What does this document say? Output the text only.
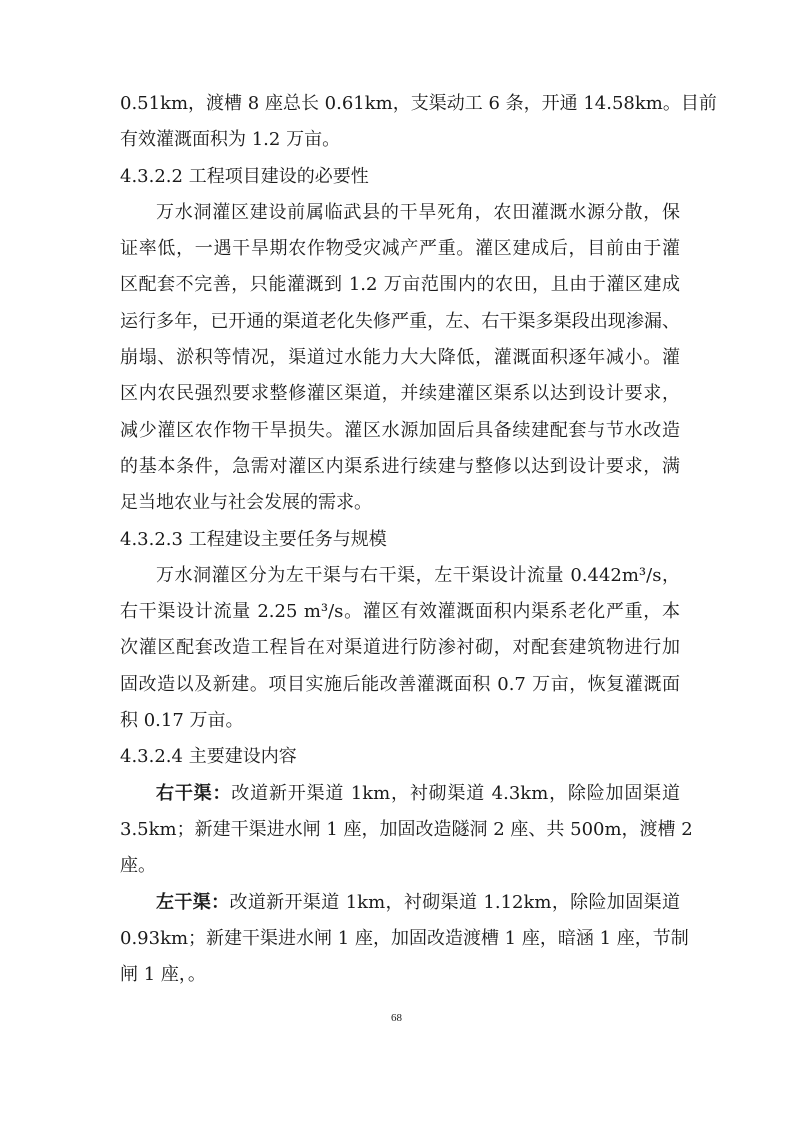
0.51km，渡槽 8 座总长 0.61km，支渠动工 6 条，开通 14.58km。目前
有效灌溉面积为 1.2 万亩。
4.3.2.2 工程项目建设的必要性
万水洞灌区建设前属临武县的干旱死角，农田灌溉水源分散，保
证率低，一遇干旱期农作物受灾减产严重。灌区建成后，目前由于灌
区配套不完善，只能灌溉到 1.2 万亩范围内的农田，且由于灌区建成
运行多年，已开通的渠道老化失修严重，左、右干渠多渠段出现渗漏、
崩塌、淤积等情况，渠道过水能力大大降低，灌溉面积逐年减小。灌
区内农民强烈要求整修灌区渠道，并续建灌区渠系以达到设计要求，
减少灌区农作物干旱损失。灌区水源加固后具备续建配套与节水改造
的基本条件，急需对灌区内渠系进行续建与整修以达到设计要求，满
足当地农业与社会发展的需求。
4.3.2.3 工程建设主要任务与规模
万水洞灌区分为左干渠与右干渠，左干渠设计流量 0.442m³/s，
右干渠设计流量 2.25 m³/s。灌区有效灌溉面积内渠系老化严重，本
次灌区配套改造工程旨在对渠道进行防渗衬砌，对配套建筑物进行加
固改造以及新建。项目实施后能改善灌溉面积 0.7 万亩，恢复灌溉面
积 0.17 万亩。
4.3.2.4 主要建设内容
右干渠：改道新开渠道 1km，衬砌渠道 4.3km，除险加固渠道
3.5km；新建干渠进水闸 1 座，加固改造隧洞 2 座、共 500m，渡槽 2
座。
左干渠：改道新开渠道 1km，衬砌渠道 1.12km，除险加固渠道
0.93km；新建干渠进水闸 1 座，加固改造渡槽 1 座，暗涵 1 座，节制
闸 1 座，。
68
